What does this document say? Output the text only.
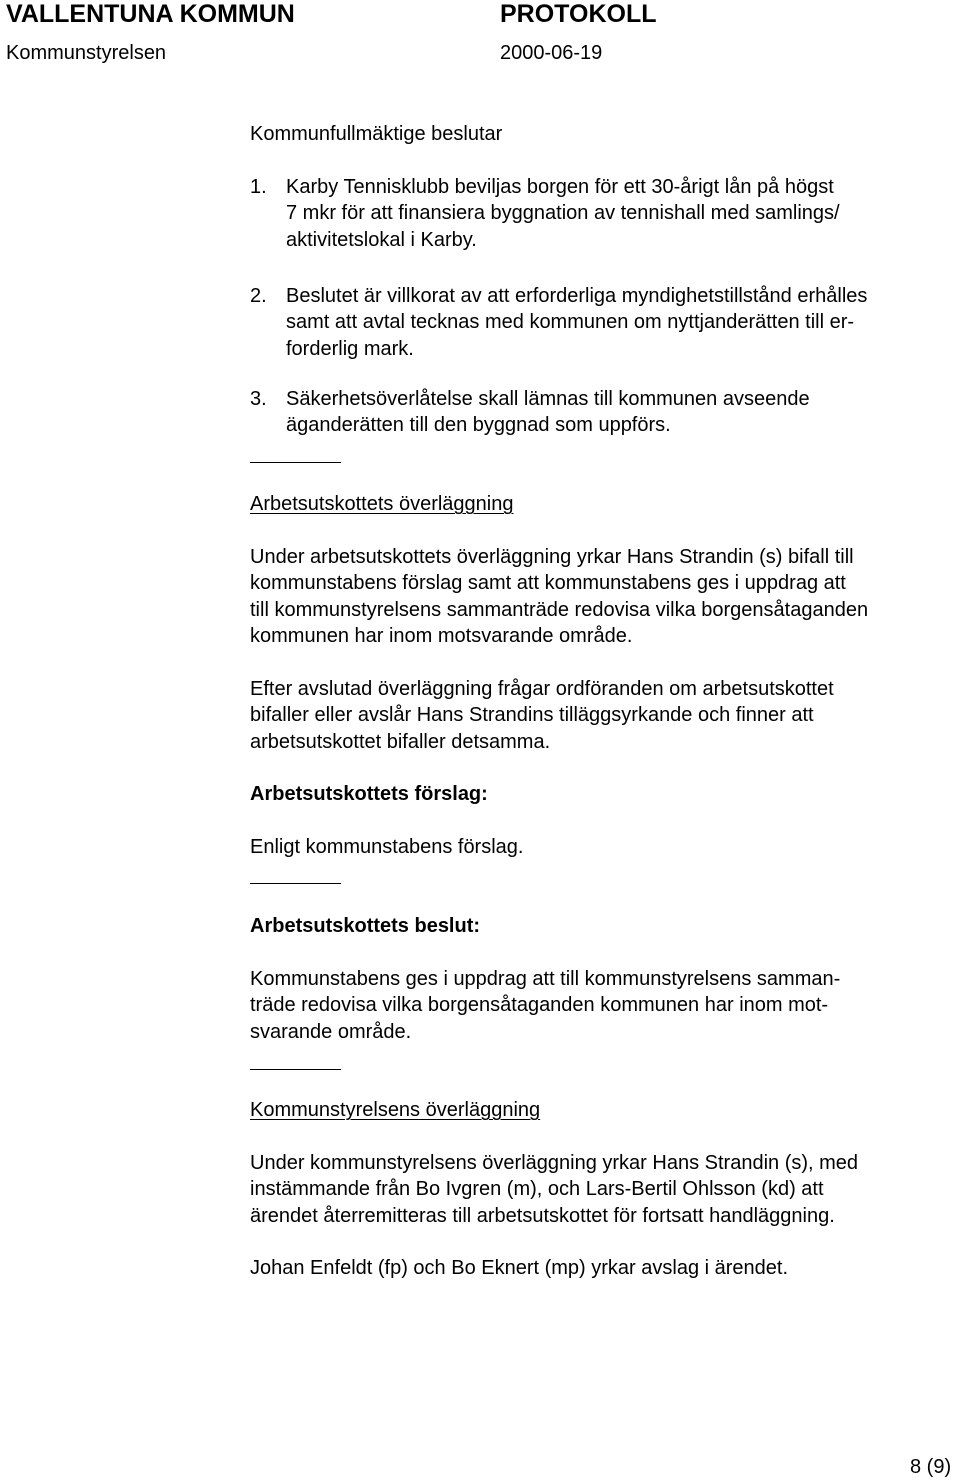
VALLENTUNA KOMMUN	PROTOKOLL
Kommunstyrelsen	2000-06-19
Kommunfullmäktige beslutar
1. Karby Tennisklubb beviljas borgen för ett 30-årigt lån på högst
7 mkr för att finansiera byggnation av tennishall med samlings/
aktivitetslokal i Karby.
2. Beslutet är villkorat av att erforderliga myndighetstillstånd erhålles
samt att avtal tecknas med kommunen om nyttjanderätten till er-
forderlig mark.
3. Säkerhetsöverlåtelse skall lämnas till kommunen avseende
äganderätten till den byggnad som uppförs.
Arbetsutskottets överläggning
Under arbetsutskottets överläggning yrkar Hans Strandin (s) bifall till
kommunstabens förslag samt att kommunstabens ges i uppdrag att
till kommunstyrelsens sammanträde redovisa vilka borgensåtaganden
kommunen har inom motsvarande område.
Efter avslutad överläggning frågar ordföranden om arbetsutskottet
bifaller eller avslår Hans Strandins tilläggsyrkande och finner att
arbetsutskottet bifaller detsamma.
Arbetsutskottets förslag:
Enligt kommunstabens förslag.
Arbetsutskottets beslut:
Kommunstabens ges i uppdrag att till kommunstyrelsens samman-
träde redovisa vilka borgensåtaganden kommunen har inom mot-
svarande område.
Kommunstyrelsens överläggning
Under kommunstyrelsens överläggning yrkar Hans Strandin (s), med
instämmande från Bo Ivgren (m), och Lars-Bertil Ohlsson (kd) att
ärendet återremitteras till arbetsutskottet för fortsatt handläggning.
Johan Enfeldt (fp) och Bo Eknert (mp) yrkar avslag i ärendet.
8 (9)
